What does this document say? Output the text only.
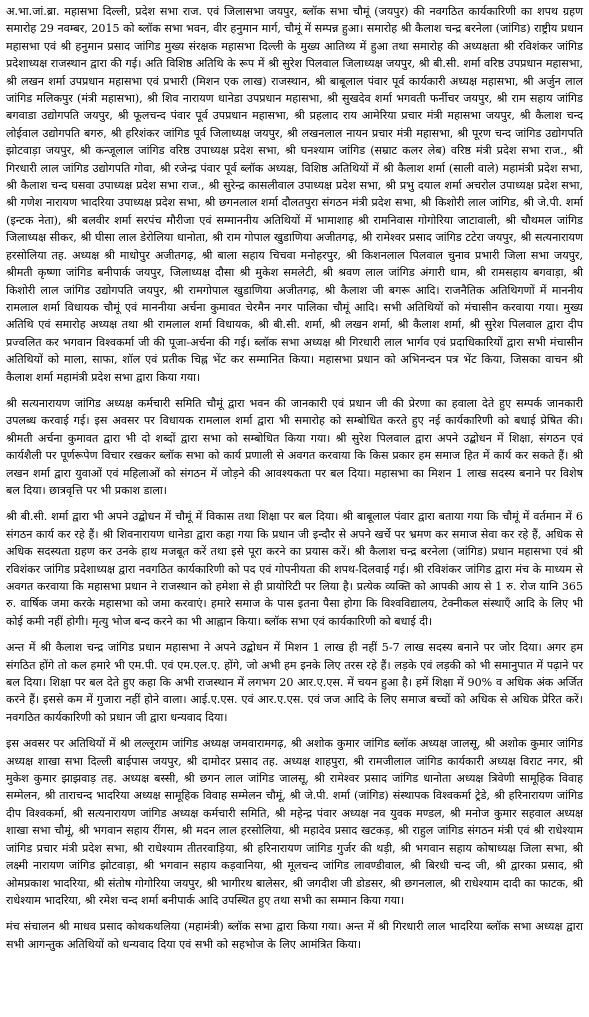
अ.भा.जां.ब्रा. महासभा दिल्ली, प्रदेश सभा राज. एवं जिलासभा जयपुर, ब्लॉक सभा चौमूं (जयपुर) की नवगठित कार्यकारिणी का शपथ ग्रहण समारोह 29 नवम्बर, 2015 को ब्लॉक सभा भवन, वीर हनुमान मार्ग, चौमूं में सम्पन्न हुआ। समारोह श्री कैलाश चन्द्र बरनेला (जांगिड) राष्ट्रीय प्रधान महासभा एवं श्री हनुमान प्रसाद जांगिड मुख्य संरक्षक महासभा दिल्ली के मुख्य आतिथ्य में हुआ तथा समारोह की अध्यक्षता श्री रविशंकर जांगिड प्रदेशाध्यक्ष राजस्थान द्वारा की गई। अति विशिष्ठ अतिथि के रूप में श्री सुरेश पिलवाल जिलाध्यक्ष जयपुर, श्री बी.सी. शर्मा वरिष्ठ उपप्रधान महासभा, श्री लखन शर्मा उपप्रधान महासभा एवं प्रभारी (मिशन एक लाख) राजस्थान, श्री बाबूलाल पंवार पूर्व कार्यकारी अध्यक्ष महासभा, श्री अर्जुन लाल जांगिड मलिकपुर (मंत्री महासभा), श्री शिव नारायण धानेडा उपप्रधान महासभा, श्री सुखदेव शर्मा भगवती फर्नीचर जयपुर, श्री राम सहाय जांगिड बगवाडा उद्योगपति जयपुर, श्री फूलचन्द पंवार पूर्व उपप्रधान महासभा, श्री प्रहलाद राय आमेरिया प्रचार मंत्री महासभा जयपुर, श्री कैलाश चन्द लोईवाल उद्योगपति बगरु, श्री हरिशंकर जांगिड पूर्व जिलाध्यक्ष जयपुर, श्री लखनलाल नायन प्रचार मंत्री महासभा, श्री पूरण चन्द जांगिड उद्योगपति झोटवाड़ा जयपुर, श्री कन्जूलाल जांगिड वरिष्ठ उपाध्यक्ष प्रदेश सभा, श्री घनश्याम जांगिड (सम्राट कलर लेब) वरिष्ठ मंत्री प्रदेश सभा राज., श्री गिरधारी लाल जांगिड उद्योगपति गोवा, श्री रजेन्द्र पंवार पूर्व ब्लॉक अध्यक्ष, विशिष्ठ अतिथियों में श्री कैलाश शर्मा (साली वाले) महामंत्री प्रदेश सभा, श्री कैलाश चन्द घसवा उपाध्यक्ष प्रदेश सभा राज., श्री सुरेन्द्र कासलीवाल उपाध्यक्ष प्रदेश सभा, श्री प्रभु दयाल शर्मा अचरोल उपाध्यक्ष प्रदेश सभा, श्री गणेश नारायण भादरिया उपाध्यक्ष प्रदेश सभा, श्री छगनलाल शर्मा दौलतपुरा संगठन मंत्री प्रदेश सभा, श्री किशोरी लाल जांगिड, श्री जे.पी. शर्मा (इन्टक नेता), श्री बलवीर शर्मा सरपंच मौरीजा एवं सम्माननीय अतिथियों में भामाशाह श्री रामनिवास गोगोरिया जाटावाली, श्री चौथमल जांगिड जिलाध्यक्ष सीकर, श्री घीसा लाल डेरोलिया धानोता, श्री राम गोपाल खुडाणिया अजीतगढ़, श्री रामेश्वर प्रसाद जांगिड टटेरा जयपुर, श्री सत्यनारायण हरसोलिया तह. अध्यक्ष श्री माधोपुर अजीतगढ़, श्री बाला सहाय चिचवा मनोहरपुर, श्री किशनलाल पिलवाल चुनाव प्रभारी जिला सभा जयपुर, श्रीमती कृष्णा जांगिड बनीपार्क जयपुर, जिलाध्यक्ष दौसा श्री मुकेश समलेटी, श्री श्रवण लाल जांगिड अंगारी धाम, श्री रामसहाय बगवाड़ा, श्री किशोरी लाल जांगिड उद्योगपति जयपुर, श्री रामगोपाल खुडाणिया अजीतगढ़, श्री कैलाश जी बगरू आदि। राजनैतिक अतिथिगणों में माननीय रामलाल शर्मा विधायक चौमूं एवं माननीया अर्चना कुमावत चेरमैन नगर पालिका चौमूं आदि। सभी अतिथियों को मंचासीन करवाया गया। मुख्य अतिथि एवं समारोह अध्यक्ष तथा श्री रामलाल शर्मा विधायक, श्री बी.सी. शर्मा, श्री लखन शर्मा, श्री कैलाश शर्मा, श्री सुरेश पिलवाल द्वारा दीप प्रज्वलित कर भगवान विश्वकर्मा जी की पूजा-अर्चना की गई। ब्लॉक सभा अध्यक्ष श्री गिरधारी लाल भार्गव एवं प्रदाधिकारियों द्वारा सभी मंचासीन अतिथियों को माला, साफा, शॉल एवं प्रतीक चिह्न भेंट कर सम्मानित किया। महासभा प्रधान को अभिनन्दन पत्र भेंट किया, जिसका वाचन श्री कैलाश शर्मा महामंत्री प्रदेश सभा द्वारा किया गया।

श्री सत्यनारायण जांगिड अध्यक्ष कर्मचारी समिति चौमूं द्वारा भवन की जानकारी एवं प्रधान जी की प्रेरणा का हवाला देते हुए सम्पर्क जानकारी उपलब्ध करवाई गई। इस अवसर पर विधायक रामलाल शर्मा द्वारा भी समारोह को सम्बोधित करते हुए नई कार्यकारिणी को बधाई प्रेषित की। श्रीमती अर्चना कुमावत द्वारा भी दो शब्दों द्वारा सभा को सम्बोधित किया गया। श्री सुरेश पिलवाल द्वारा अपने उद्बोधन में शिक्षा, संगठन एवं कार्यशैली पर पूर्णरूपेण विचार रखकर ब्लॉक सभा को कार्य प्रणाली से अवगत करवाया कि किस प्रकार हम समाज हित में कार्य कर सकते हैं। श्री लखन शर्मा द्वारा युवाओं एवं महिलाओं को संगठन में जोड़ने की आवश्यकता पर बल दिया। महासभा का मिशन 1 लाख सदस्य बनाने पर विशेष बल दिया। छात्रवृत्ति पर भी प्रकाश डाला।

श्री बी.सी. शर्मा द्वारा भी अपने उद्बोधन में चौमूं में विकास तथा शिक्षा पर बल दिया। श्री बाबूलाल पंवार द्वारा बताया गया कि चौमूं में वर्तमान में 6 संगठन कार्य कर रहे हैं। श्री शिवनारायण धानेडा द्वारा कहा गया कि प्रधान जी इन्दौर से अपने खर्चे पर भ्रमण कर समाज सेवा कर रहे हैं, अधिक से अधिक सदस्यता ग्रहण कर उनके हाथ मजबूत करें तथा इसे पूरा करने का प्रयास करें। श्री कैलाश चन्द्र बरनेला (जांगिड) प्रधान महासभा एवं श्री रविशंकर जांगिड प्रदेशाध्यक्ष द्वारा नवगठित कार्यकारिणी को पद एवं गोपनीयता की शपथ-दिलवाई गई। श्री रविशंकर जांगिड द्वारा मंच के माध्यम से अवगत करवाया कि महासभा प्रधान ने राजस्थान को हमेशा से ही प्रायोरिटी पर लिया है। प्रत्येक व्यक्ति को आपकी आय से 1 रु. रोज यानि 365 रु. वार्षिक जमा करके महासभा को जमा करवाएं। हमारे समाज के पास इतना पैसा होगा कि विश्वविद्यालय, टेक्नीकल संस्थाएँ आदि के लिए भी कोई कमी नहीं होगी। मृत्यु भोज बन्द करने का भी आह्वान किया। ब्लॉक सभा एवं कार्यकारिणी को बधाई दी।

अन्त में श्री कैलाश चन्द्र जांगिड प्रधान महासभा ने अपने उद्बोधन में मिशन 1 लाख ही नहीं 5-7 लाख सदस्य बनाने पर जोर दिया। अगर हम संगठित होंगे तो कल हमारे भी एम.पी. एवं एम.एल.ए. होंगे, जो अभी हम इनके लिए तरस रहे हैं। लड़के एवं लड़की को भी समानुपात में पढ़ाने पर बल दिया। शिक्षा पर बल देते हुए कहा कि अभी राजस्थान में लगभग 20 आर.ए.एस. में चयन हुआ है। हमें शिक्षा में 90% व अधिक अंक अर्जित करने हैं। इससे कम में गुजारा नहीं होने वाला। आई.ए.एस. एवं आर.ए.एस. एवं जज आदि के लिए समाज बच्चों को अधिक से अधिक प्रेरित करें। नवगठित कार्यकारिणी को प्रधान जी द्वारा धन्यवाद दिया।

इस अवसर पर अतिथियों में श्री लल्लूराम जांगिड अध्यक्ष जमवारामगढ़, श्री अशोक कुमार जांगिड ब्लॉक अध्यक्ष जालसू, श्री अशोक कुमार जांगिड अध्यक्ष शाखा सभा दिल्ली बाईपास जयपुर, श्री दामोदर प्रसाद तह. अध्यक्ष शाहपुरा, श्री रामजीलाल जांगिड कार्यकारी अध्यक्ष विराट नगर, श्री मुकेश कुमार झाझवाड़ तह. अध्यक्ष बस्सी, श्री छगन लाल जांगिड जालसू, श्री रामेश्वर प्रसाद जांगिड धानोता अध्यक्ष त्रिवेणी सामूहिक विवाह सम्मेलन, श्री ताराचन्द भादरिया अध्यक्ष सामूहिक विवाह सम्मेलन चौमूं, श्री जे.पी. शर्मा (जांगिड) संस्थापक विश्वकर्मा ट्रेडे, श्री हरिनारायण जांगिड दीप विश्वकर्मा, श्री सत्यनारायण जांगिड अध्यक्ष कर्मचारी समिति, श्री महेन्द्र पंवार अध्यक्ष नव युवक मण्डल, श्री मनोज कुमार सहवाल अध्यक्ष शाखा सभा चौमूं, श्री भगवान सहाय रींगस, श्री मदन लाल हरसोलिया, श्री महादेव प्रसाद खटकड़, श्री राहुल जांगिड संगठन मंत्री एवं श्री राधेश्याम जांगिड प्रचार मंत्री प्रदेश सभा, श्री राधेश्याम तीतरवाड़िया, श्री हरिनारायण जांगिड गुर्जर की थड़ी, श्री भगवान सहाय कोषाध्यक्ष जिला सभा, श्री लक्ष्मी नारायण जांगिड झोटवाड़ा, श्री भगवान सहाय कड़वानिया, श्री मूलचन्द जांगिड लावण्डीवाल, श्री बिरधी चन्द जी, श्री द्वारका प्रसाद, श्री ओमप्रकाश भादरिया, श्री संतोष गोगोरिया जयपुर, श्री भागीरथ बालेसर, श्री जगदीश जी डोडसर, श्री छगनलाल, श्री राधेश्याम दादी का फाटक, श्री राधेश्याम भादरिया, श्री रमेश चन्द शर्मा बनीपार्क आदि उपस्थित हुए तथा सभी का सम्मान किया गया।

मंच संचालन श्री माधव प्रसाद कोथकथलिया (महामंत्री) ब्लॉक सभा द्वारा किया गया। अन्त में श्री गिरधारी लाल भादरिया ब्लॉक सभा अध्यक्ष द्वारा सभी आगन्तुक अतिथियों को धन्यवाद दिया एवं सभी को सहभोज के लिए आमंत्रित किया।
